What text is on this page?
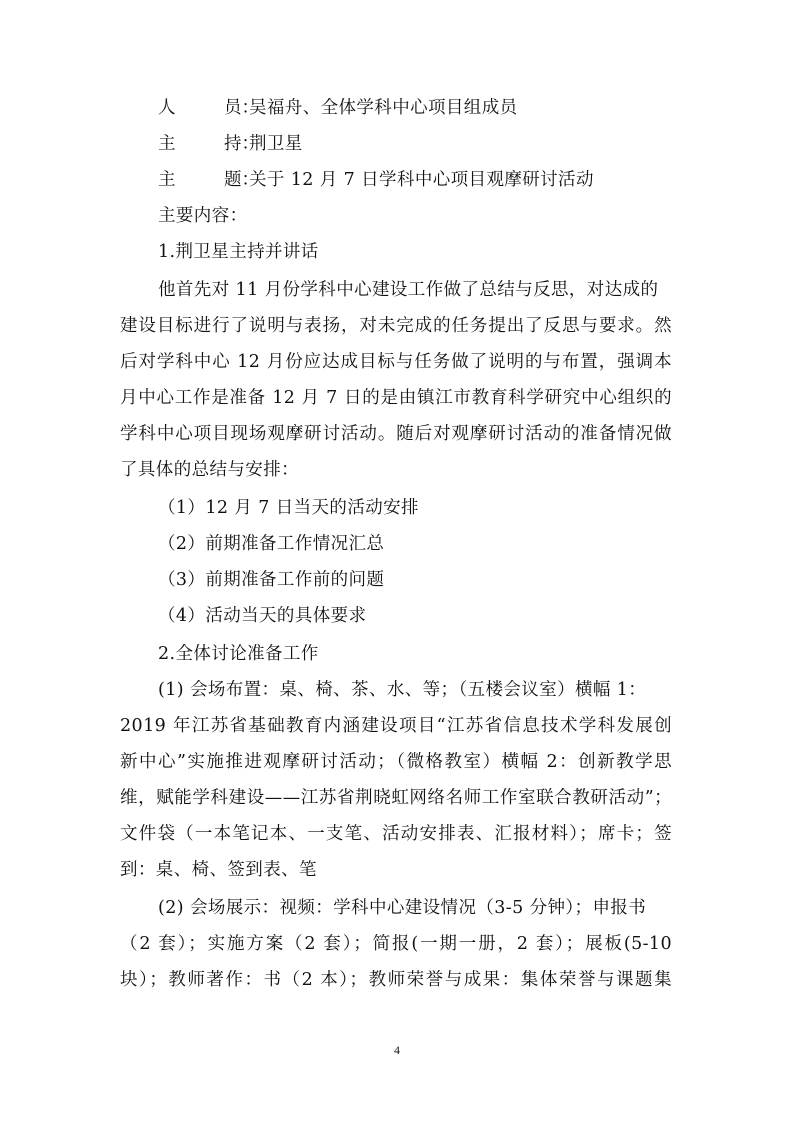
人	员：吴福舟、全体学科中心项目组成员
主	持：荆卫星
主	题：关于 12 月 7 日学科中心项目观摩研讨活动
主要内容：
1.荆卫星主持并讲话
他首先对 11 月份学科中心建设工作做了总结与反思，对达成的
建设目标进行了说明与表扬，对未完成的任务提出了反思与要求。然
后对学科中心 12 月份应达成目标与任务做了说明的与布置，强调本
月中心工作是准备 12 月 7 日的是由镇江市教育科学研究中心组织的
学科中心项目现场观摩研讨活动。随后对观摩研讨活动的准备情况做
了具体的总结与安排：
（1）12 月 7 日当天的活动安排
（2）前期准备工作情况汇总
（3）前期准备工作前的问题
（4）活动当天的具体要求
2.全体讨论准备工作
(1) 会场布置：桌、椅、茶、水、等；（五楼会议室）横幅 1：
2019 年江苏省基础教育内涵建设项目“江苏省信息技术学科发展创
新中心”实施推进观摩研讨活动；（微格教室）横幅 2：创新教学思
维，赋能学科建设——江苏省荆晓虹网络名师工作室联合教研活动”；
文件袋（一本笔记本、一支笔、活动安排表、汇报材料）；席卡；签
到：桌、椅、签到表、笔
(2) 会场展示：视频：学科中心建设情况（3-5 分钟）；申报书
（2 套）；实施方案（2 套）；简报(一期一册，2 套）；展板(5-10
块）；教师著作：书（2 本）；教师荣誉与成果：集体荣誉与课题集
4
